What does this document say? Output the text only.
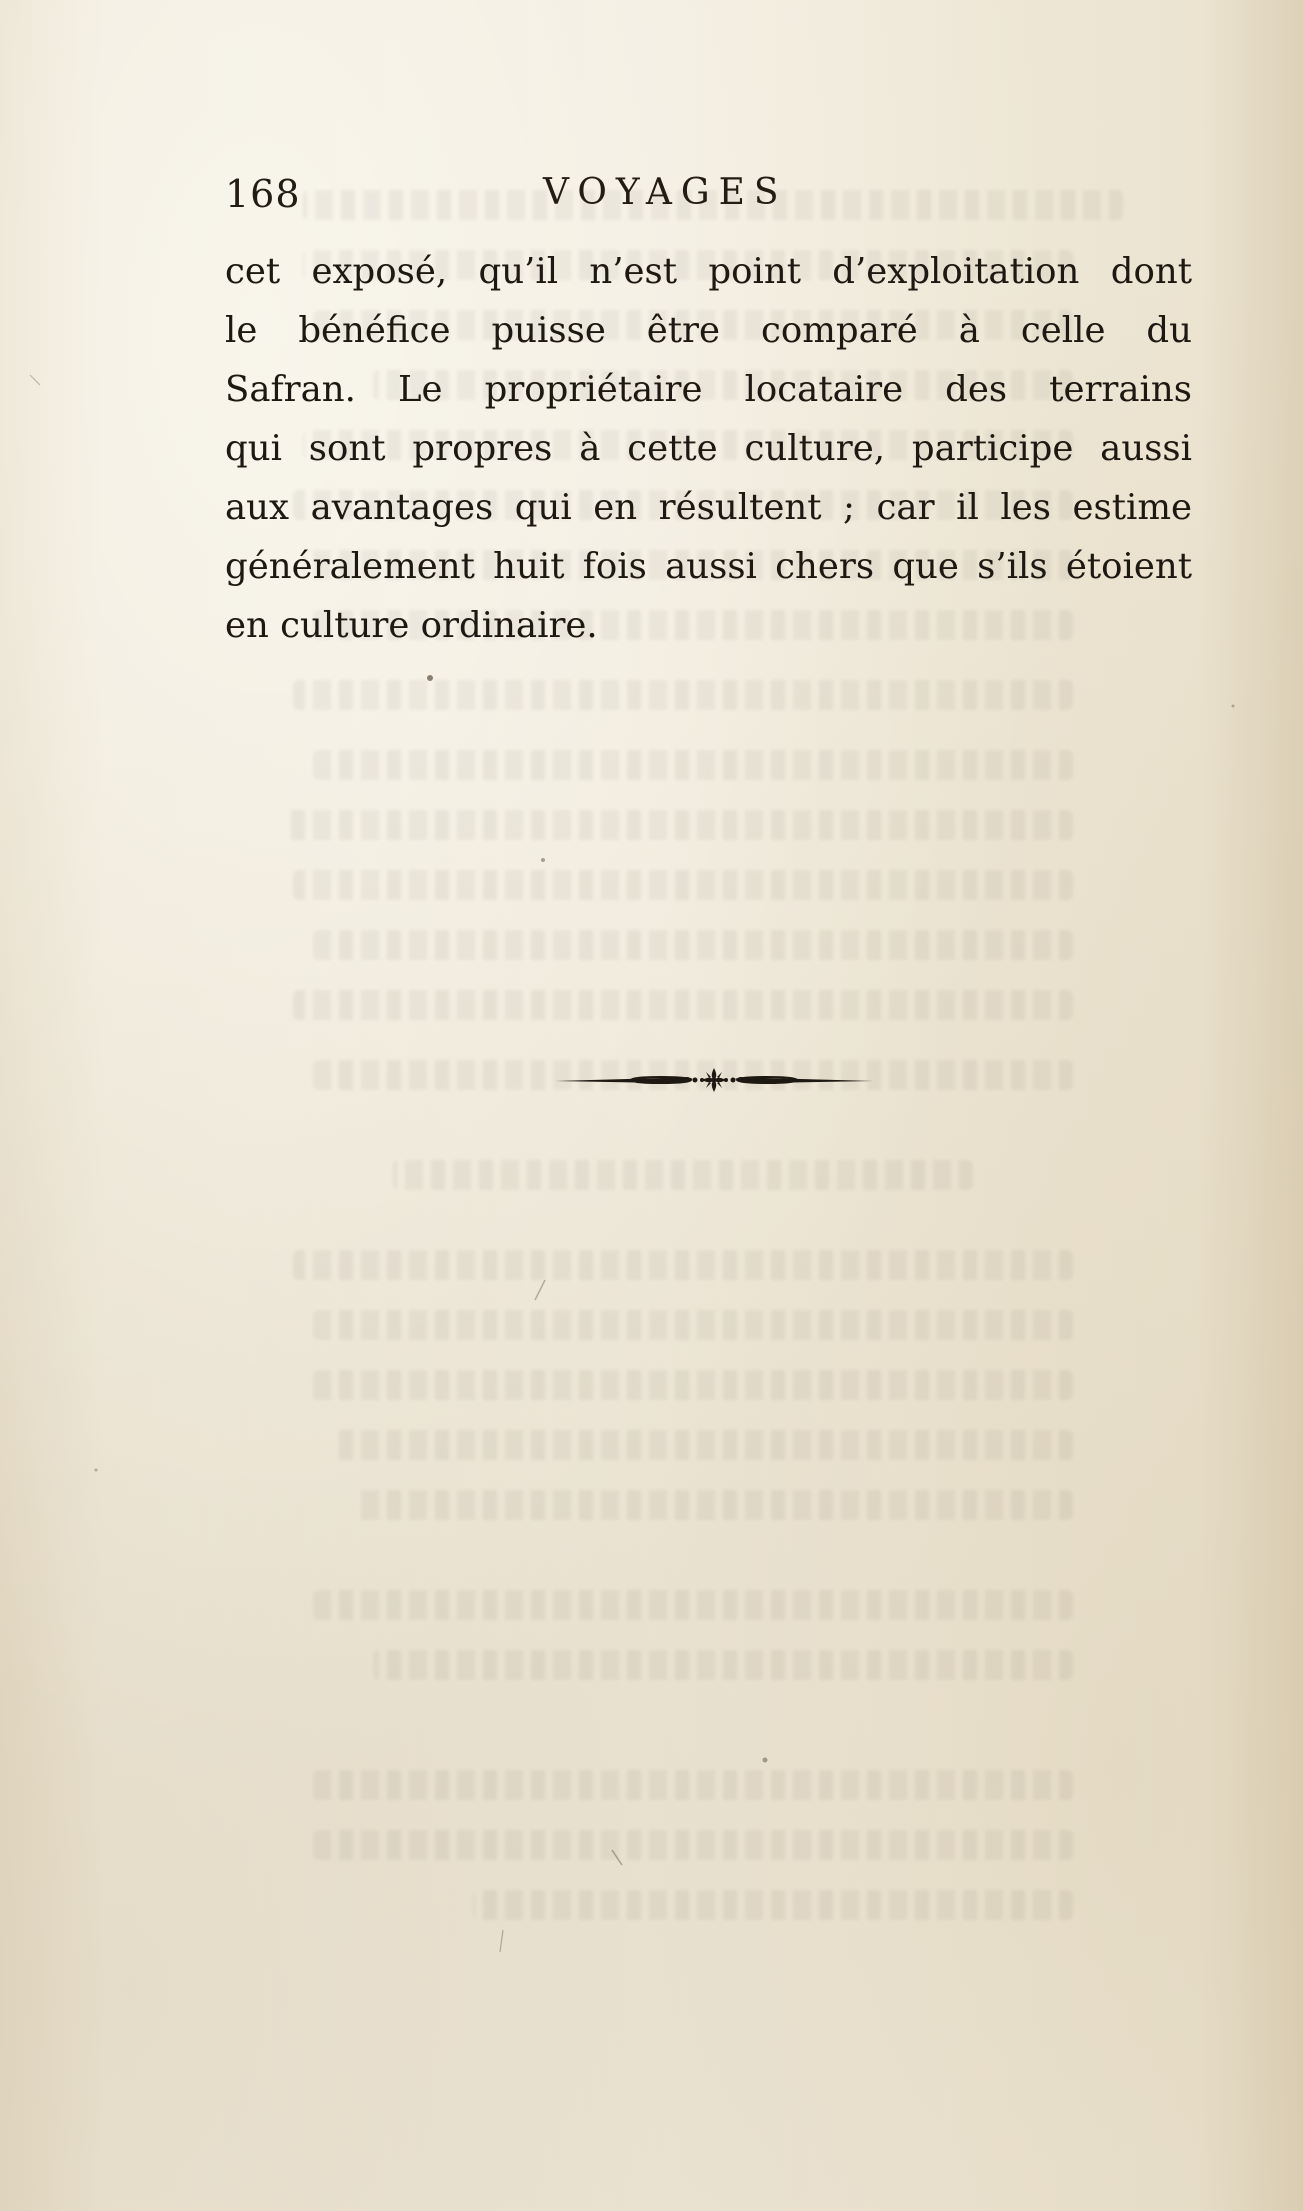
168	VOYAGES
cet exposé, qu’il n’est point d’exploitation dont
le bénéfice puisse être comparé à celle du
Safran. Le propriétaire locataire des terrains
qui sont propres à cette culture, participe aussi
aux avantages qui en résultent ; car il les estime
généralement huit fois aussi chers que s’ils étoient
en culture ordinaire.
